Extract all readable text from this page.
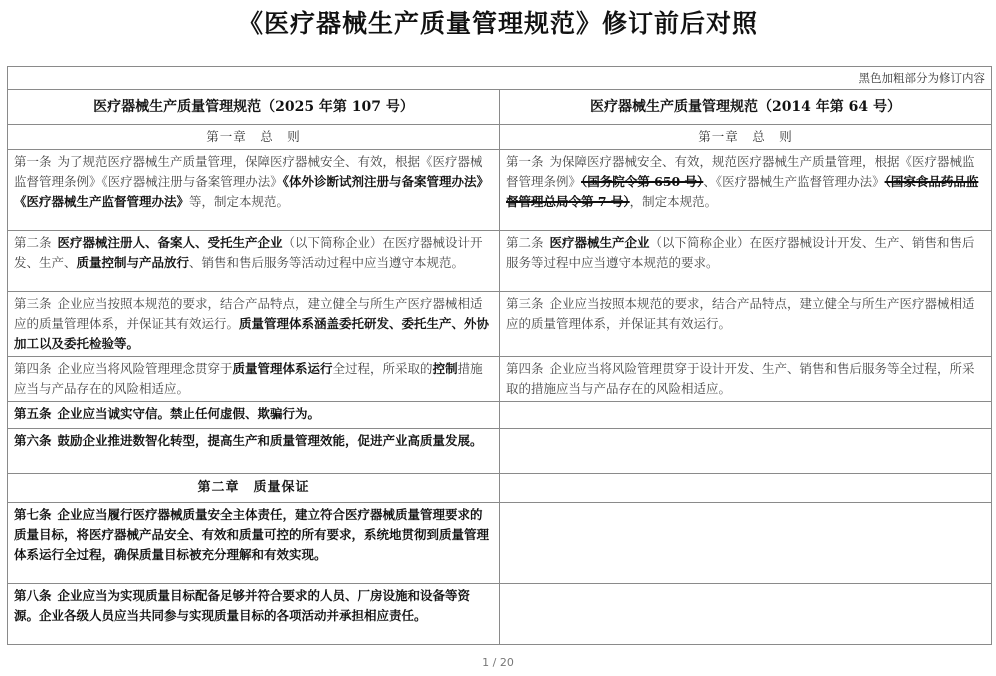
《医疗器械生产质量管理规范》修订前后对照
黑色加粗部分为修订内容	
医疗器械生产质量管理规范（2025 年第 107 号）	医疗器械生产质量管理规范（2014 年第 64 号）
第一章　总　则	第一章　总　则
第一条 为了规范医疗器械生产质量管理，保障医疗器械安全、有效，根据《医疗器械监督管理条例》《医疗器械注册与备案管理办法》《体外诊断试剂注册与备案管理办法》《医疗器械生产监督管理办法》等，制定本规范。	第一条 为保障医疗器械安全、有效，规范医疗器械生产质量管理，根据《医疗器械监督管理条例》（国务院令第 650 号）、《医疗器械生产监督管理办法》（国家食品药品监督管理总局令第 7 号），制定本规范。
第二条 医疗器械注册人、备案人、受托生产企业（以下简称企业）在医疗器械设计开发、生产、质量控制与产品放行、销售和售后服务等活动过程中应当遵守本规范。	第二条 医疗器械生产企业（以下简称企业）在医疗器械设计开发、生产、销售和售后服务等过程中应当遵守本规范的要求。
第三条 企业应当按照本规范的要求，结合产品特点，建立健全与所生产医疗器械相适应的质量管理体系，并保证其有效运行。质量管理体系涵盖委托研发、委托生产、外协加工以及委托检验等。	第三条 企业应当按照本规范的要求，结合产品特点，建立健全与所生产医疗器械相适应的质量管理体系，并保证其有效运行。
第四条 企业应当将风险管理理念贯穿于质量管理体系运行全过程，所采取的控制措施应当与产品存在的风险相适应。	第四条 企业应当将风险管理贯穿于设计开发、生产、销售和售后服务等全过程，所采取的措施应当与产品存在的风险相适应。
第五条 企业应当诚实守信。禁止任何虚假、欺骗行为。	
第六条 鼓励企业推进数智化转型，提高生产和质量管理效能，促进产业高质量发展。	
第二章　质量保证	
第七条 企业应当履行医疗器械质量安全主体责任，建立符合医疗器械质量管理要求的质量目标，将医疗器械产品安全、有效和质量可控的所有要求，系统地贯彻到质量管理体系运行全过程，确保质量目标被充分理解和有效实现。	
第八条 企业应当为实现质量目标配备足够并符合要求的人员、厂房设施和设备等资源。企业各级人员应当共同参与实现质量目标的各项活动并承担相应责任。	
1 / 20
